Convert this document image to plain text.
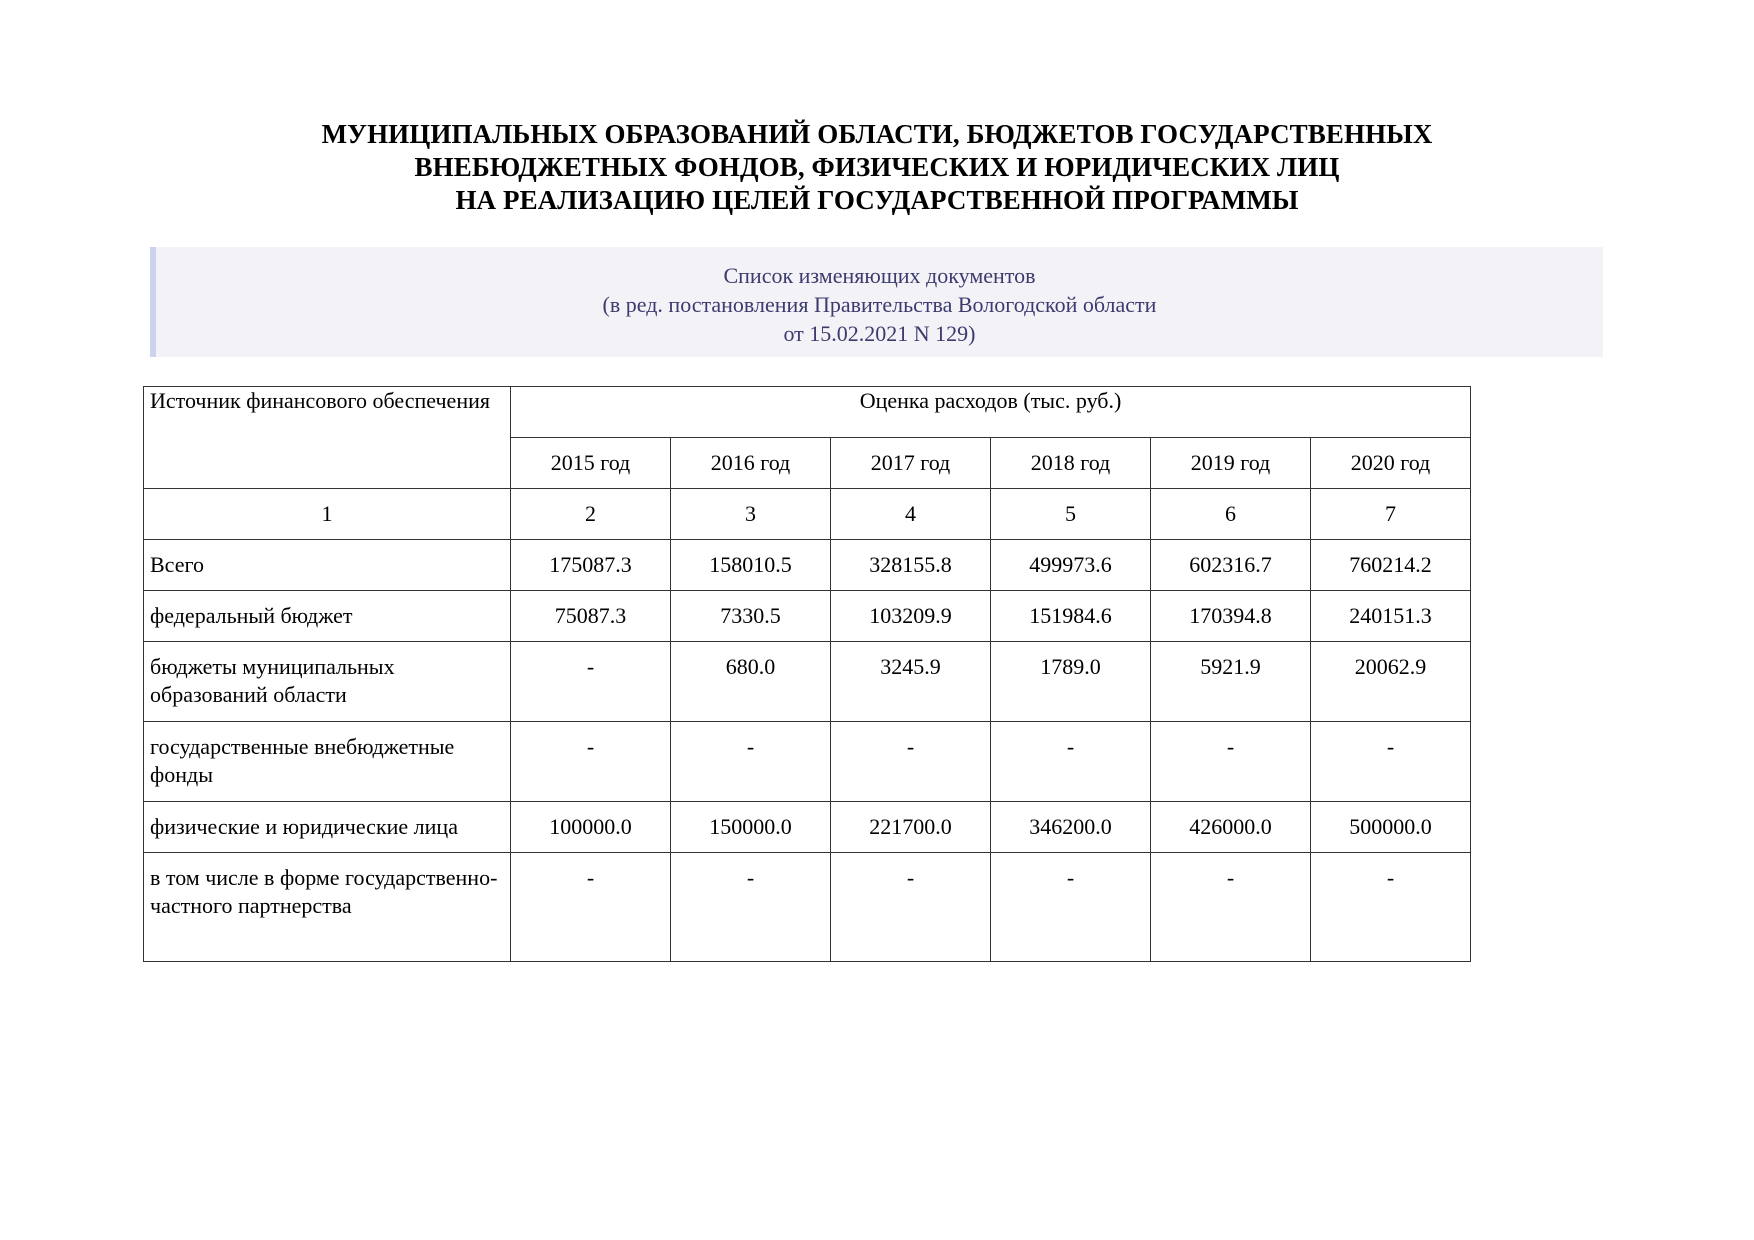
МУНИЦИПАЛЬНЫХ ОБРАЗОВАНИЙ ОБЛАСТИ, БЮДЖЕТОВ ГОСУДАРСТВЕННЫХ
ВНЕБЮДЖЕТНЫХ ФОНДОВ, ФИЗИЧЕСКИХ И ЮРИДИЧЕСКИХ ЛИЦ
НА РЕАЛИЗАЦИЮ ЦЕЛЕЙ ГОСУДАРСТВЕННОЙ ПРОГРАММЫ
Список изменяющих документов
(в ред. постановления Правительства Вологодской области
от 15.02.2021 N 129)
Источник финансового обеспечения	Оценка расходов (тыс. руб.)					
	2015 год	2016 год	2017 год	2018 год	2019 год	2020 год
1	2	3	4	5	6	7
Всего	175087.3	158010.5	328155.8	499973.6	602316.7	760214.2
федеральный бюджет	75087.3	7330.5	103209.9	151984.6	170394.8	240151.3
бюджеты муниципальных образований области	-	680.0	3245.9	1789.0	5921.9	20062.9
государственные внебюджетные фонды	-	-	-	-	-	-
физические и юридические лица	100000.0	150000.0	221700.0	346200.0	426000.0	500000.0
в том числе в форме государственно-частного партнерства	-	-	-	-	-	-
